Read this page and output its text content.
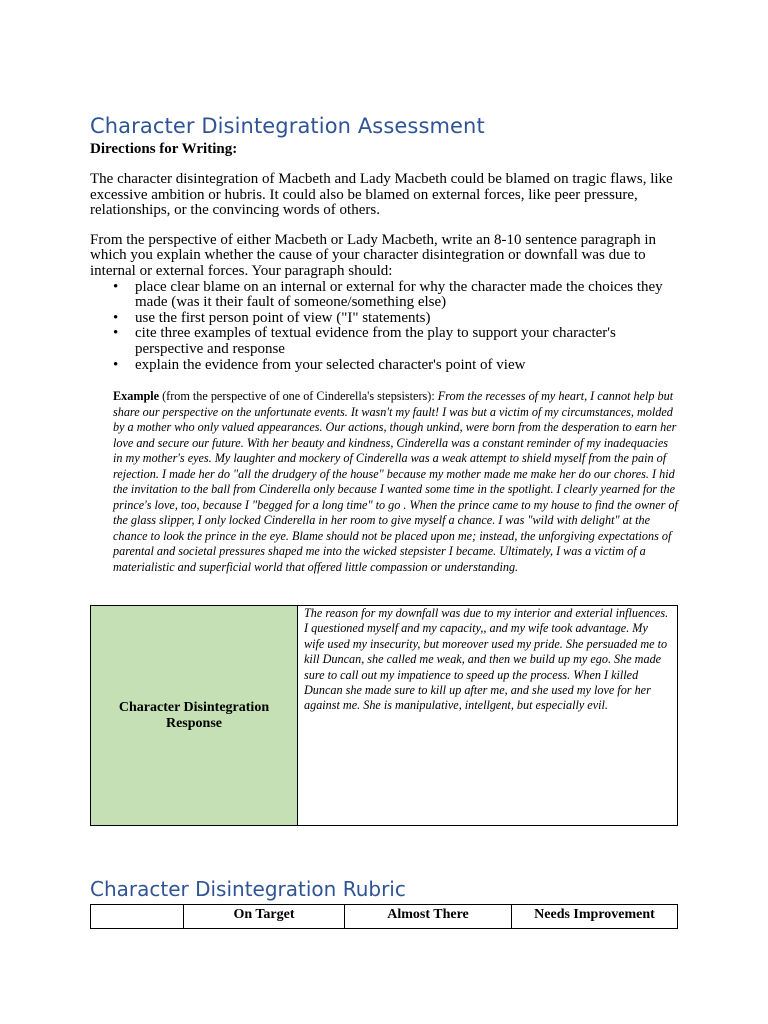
Character Disintegration Assessment

Directions for Writing:

The character disintegration of Macbeth and Lady Macbeth could be blamed on tragic flaws, like excessive ambition or hubris. It could also be blamed on external forces, like peer pressure, relationships, or the convincing words of others.

From the perspective of either Macbeth or Lady Macbeth, write an 8-10 sentence paragraph in which you explain whether the cause of your character disintegration or downfall was due to internal or external forces. Your paragraph should:

• place clear blame on an internal or external for why the character made the choices they made (was it their fault of someone/something else)
• use the first person point of view ("I" statements)
• cite three examples of textual evidence from the play to support your character's perspective and response
• explain the evidence from your selected character's point of view
Example (from the perspective of one of Cinderella's stepsisters): From the recesses of my heart, I cannot help but share our perspective on the unfortunate events. It wasn't my fault! I was but a victim of my circumstances, molded by a mother who only valued appearances. Our actions, though unkind, were born from the desperation to earn her love and secure our future. With her beauty and kindness, Cinderella was a constant reminder of my inadequacies in my mother's eyes. My laughter and mockery of Cinderella was a weak attempt to shield myself from the pain of rejection. I made her do "all the drudgery of the house" because my mother made me make her do our chores. I hid the invitation to the ball from Cinderella only because I wanted some time in the spotlight. I clearly yearned for the prince's love, too, because I "begged for a long time" to go . When the prince came to my house to find the owner of the glass slipper, I only locked Cinderella in her room to give myself a chance. I was "wild with delight" at the chance to look the prince in the eye. Blame should not be placed upon me; instead, the unforgiving expectations of parental and societal pressures shaped me into the wicked stepsister I became. Ultimately, I was a victim of a materialistic and superficial world that offered little compassion or understanding.
Character Disintegration Response	The reason for my downfall was due to my interior and exterial influences. I questioned myself and my capacity,, and my wife took advantage. My wife used my insecurity, but moreover used my pride. She persuaded me to kill Duncan, she called me weak, and then we build up my ego. She made sure to call out my impatience to speed up the process. When I killed Duncan she made sure to kill up after me, and she used my love for her against me. She is manipulative, intellgent, but especially evil.
Character Disintegration Rubric
	On Target	Almost There	Needs Improvement
